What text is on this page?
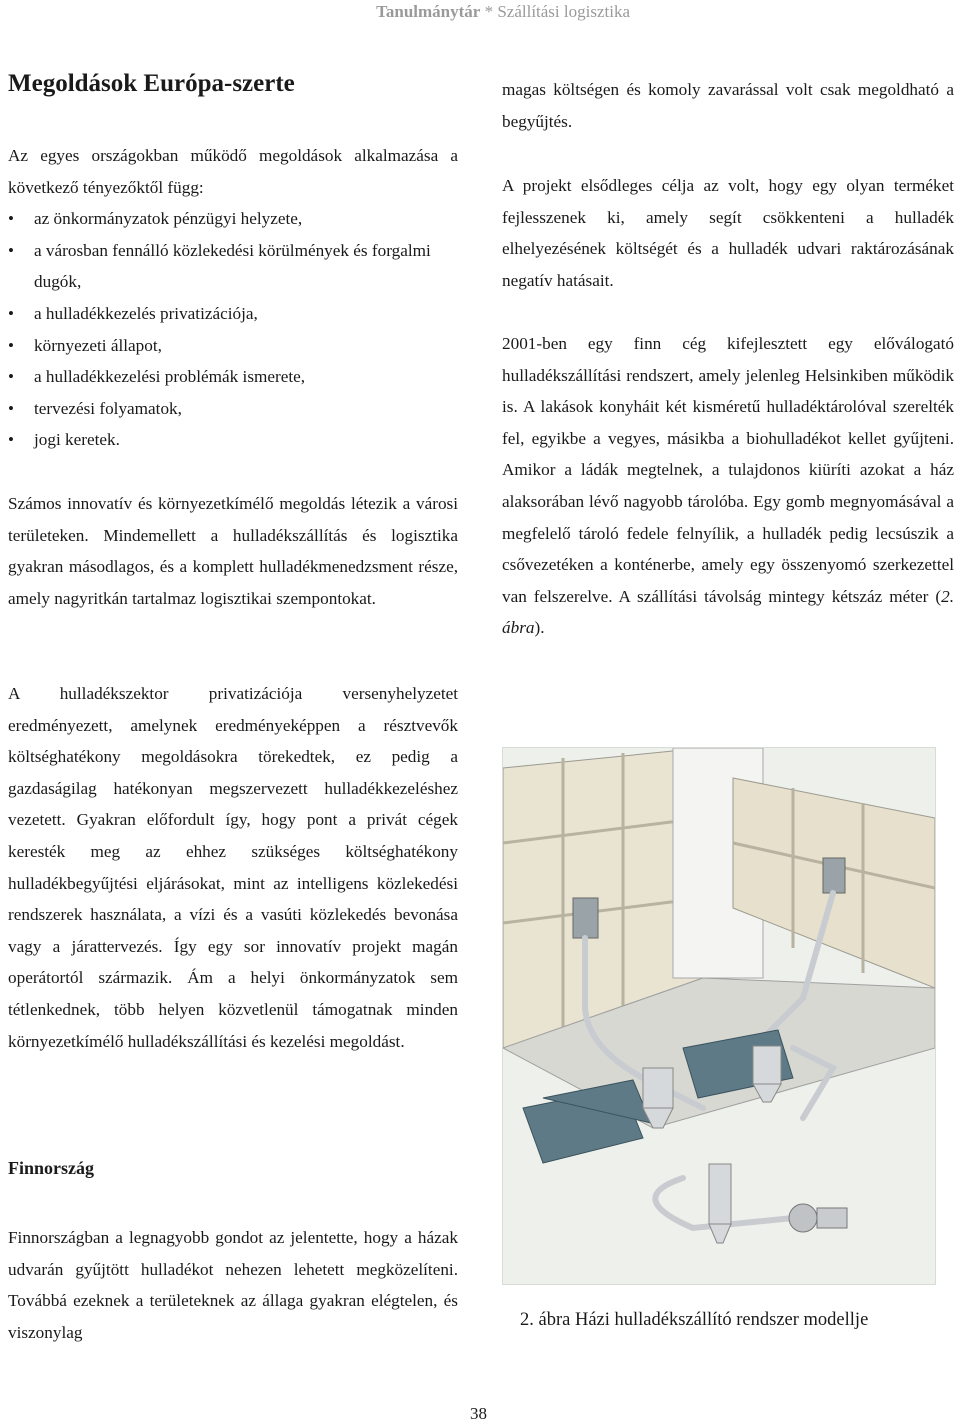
Tanulmánytár * Szállítási logisztika
Megoldások Európa-szerte

Az egyes országokban működő megoldások alkalmazása a következő tényezőktől függ:

• az önkormányzatok pénzügyi helyzete,
• a városban fennálló közlekedési körülmények és forgalmi dugók,
• a hulladékkezelés privatizációja,
• környezeti állapot,
• a hulladékkezelési problémák ismerete,
• tervezési folyamatok,
• jogi keretek.

Számos innovatív és környezetkímélő megoldás létezik a városi területeken. Mindemellett a hulladékszállítás és logisztika gyakran másodlagos, és a komplett hulladékmenedzsment része, amely nagyritkán tartalmaz logisztikai szempontokat.

A hulladékszektor privatizációja versenyhelyzetet eredményezett, amelynek eredményeképpen a résztvevők költséghatékony megoldásokra törekedtek, ez pedig a gazdaságilag hatékonyan megszervezett hulladékkezeléshez vezetett. Gyakran előfordult így, hogy pont a privát cégek keresték meg az ehhez szükséges költséghatékony hulladékbegyűjtési eljárásokat, mint az intelligens közlekedési rendszerek használata, a vízi és a vasúti közlekedés bevonása vagy a járattervezés. Így egy sor innovatív projekt magán operátortól származik. Ám a helyi önkormányzatok sem tétlenkednek, több helyen közvetlenül támogatnak minden környezetkímélő hulladékszállítási és kezelési megoldást.

Finnország

Finnországban a legnagyobb gondot az jelentette, hogy a házak udvarán gyűjtött hulladékot nehezen lehetett megközelíteni. Továbbá ezeknek a területeknek az állaga gyakran elégtelen, és viszonylag

magas költségen és komoly zavarással volt csak megoldható a begyűjtés.

A projekt elsődleges célja az volt, hogy egy olyan terméket fejlesszenek ki, amely segít csökkenteni a hulladék elhelyezésének költségét és a hulladék udvari raktározásának negatív hatásait.

2001-ben egy finn cég kifejlesztett egy előválogató hulladékszállítási rendszert, amely jelenleg Helsinkiben működik is. A lakások konyháit két kisméretű hulladéktárolóval szerelték fel, egyikbe a vegyes, másikba a biohulladékot kellet gyűjteni. Amikor a ládák megtelnek, a tulajdonos kiüríti azokat a ház alaksorában lévő nagyobb tárolóba. Egy gomb megnyomásával a megfelelő tároló fedele felnyílik, a hulladék pedig lecsúszik a csővezetéken a konténerbe, amely egy összenyomó szerkezettel van felszerelve. A szállítási távolság mintegy kétszáz méter (2. ábra).

2. ábra Házi hulladékszállító rendszer modellje
38
